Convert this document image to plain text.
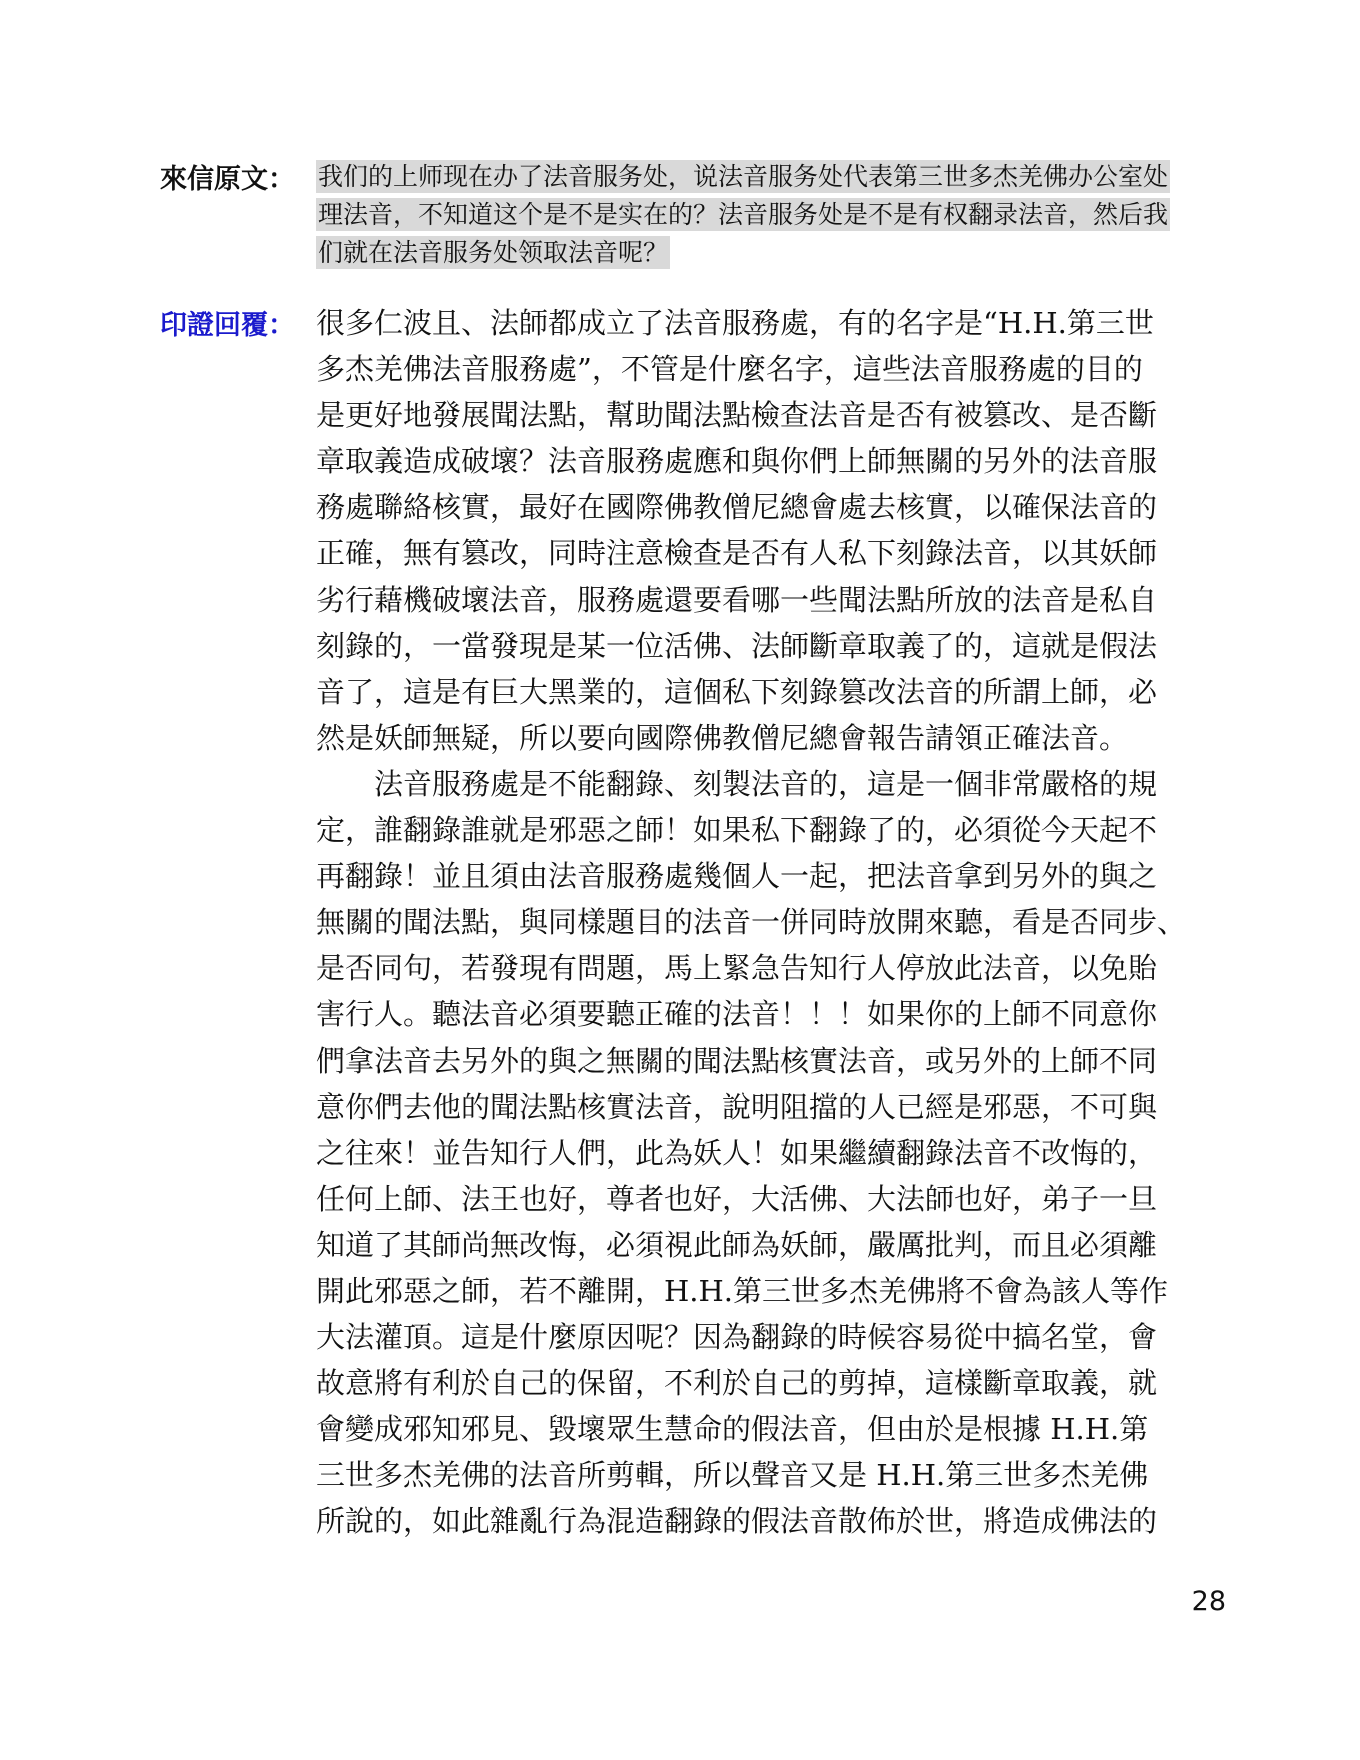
來信原文： 我们的上师现在办了法音服务处，说法音服务处代表第三世多杰羌佛办公室处
理法音，不知道这个是不是实在的？法音服务处是不是有权翻录法音，然后我
们就在法音服务处领取法音呢？
印證回覆： 很多仁波且、法師都成立了法音服務處，有的名字是“H.H.第三世
多杰羌佛法音服務處”，不管是什麼名字，這些法音服務處的目的
是更好地發展聞法點，幫助聞法點檢查法音是否有被篡改、是否斷
章取義造成破壞？法音服務處應和與你們上師無關的另外的法音服
務處聯絡核實，最好在國際佛教僧尼總會處去核實，以確保法音的
正確，無有篡改，同時注意檢查是否有人私下刻錄法音，以其妖師
劣行藉機破壞法音，服務處還要看哪一些聞法點所放的法音是私自
刻錄的，一當發現是某一位活佛、法師斷章取義了的，這就是假法
音了，這是有巨大黑業的，這個私下刻錄篡改法音的所謂上師，必
然是妖師無疑，所以要向國際佛教僧尼總會報告請領正確法音。
法音服務處是不能翻錄、刻製法音的，這是一個非常嚴格的規
定，誰翻錄誰就是邪惡之師！如果私下翻錄了的，必須從今天起不
再翻錄！並且須由法音服務處幾個人一起，把法音拿到另外的與之
無關的聞法點，與同樣題目的法音一併同時放開來聽，看是否同步、
是否同句，若發現有問題，馬上緊急告知行人停放此法音，以免貽
害行人。聽法音必須要聽正確的法音！！！如果你的上師不同意你
們拿法音去另外的與之無關的聞法點核實法音，或另外的上師不同
意你們去他的聞法點核實法音，說明阻擋的人已經是邪惡，不可與
之往來！並告知行人們，此為妖人！如果繼續翻錄法音不改悔的，
任何上師、法王也好，尊者也好，大活佛、大法師也好，弟子一旦
知道了其師尚無改悔，必須視此師為妖師，嚴厲批判，而且必須離
開此邪惡之師，若不離開，H.H.第三世多杰羌佛將不會為該人等作
大法灌頂。這是什麼原因呢？因為翻錄的時候容易從中搞名堂，會
故意將有利於自己的保留，不利於自己的剪掉，這樣斷章取義，就
會變成邪知邪見、毀壞眾生慧命的假法音，但由於是根據 H.H.第
三世多杰羌佛的法音所剪輯，所以聲音又是 H.H.第三世多杰羌佛
所說的，如此雜亂行為混造翻錄的假法音散佈於世，將造成佛法的
28
